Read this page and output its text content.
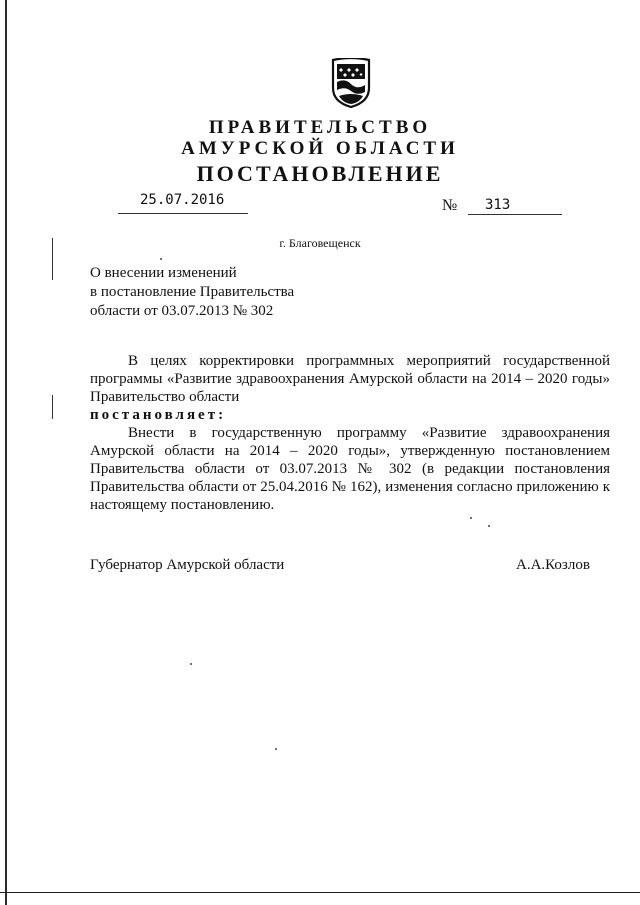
ПРАВИТЕЛЬСТВО
АМУРСКОЙ ОБЛАСТИ
ПОСТАНОВЛЕНИЕ
25.07.2016	№ 313
г. Благовещенск
О внесении изменений
в постановление Правительства
области от 03.07.2013 № 302

В целях корректировки программных мероприятий государственной программы «Развитие здравоохранения Амурской области на 2014 – 2020 годы» Правительство области

постановляет:

Внести в государственную программу «Развитие здравоохранения Амурской области на 2014 – 2020 годы», утвержденную постановлением Правительства области от 03.07.2013 № 302 (в редакции постановления Правительства области от 25.04.2016 № 162), изменения согласно приложению к настоящему постановлению.

Губернатор Амурской области	А.А.Козлов
